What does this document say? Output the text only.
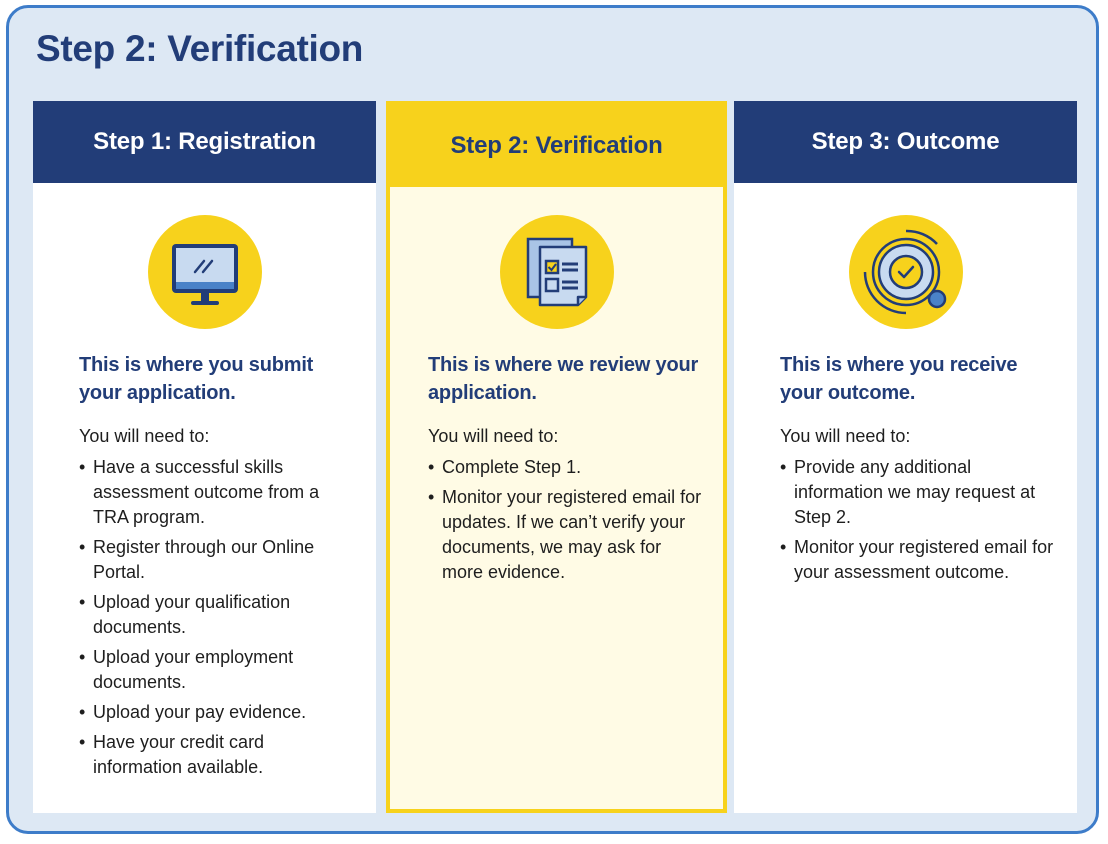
Step 2: Verification
Step 1: Registration

This is where you submit your application.

You will need to:

• Have a successful skills assessment outcome from a TRA program.
• Register through our Online Portal.
• Upload your qualification documents.
• Upload your employment documents.
• Upload your pay evidence.
• Have your credit card information available.
Step 2: Verification

This is where we review your application.

You will need to:

• Complete Step 1.
• Monitor your registered email for updates. If we can’t verify your documents, we may ask for more evidence.
Step 3: Outcome

This is where you receive your outcome.

You will need to:

• Provide any additional information we may request at Step 2.
• Monitor your registered email for your assessment outcome.
